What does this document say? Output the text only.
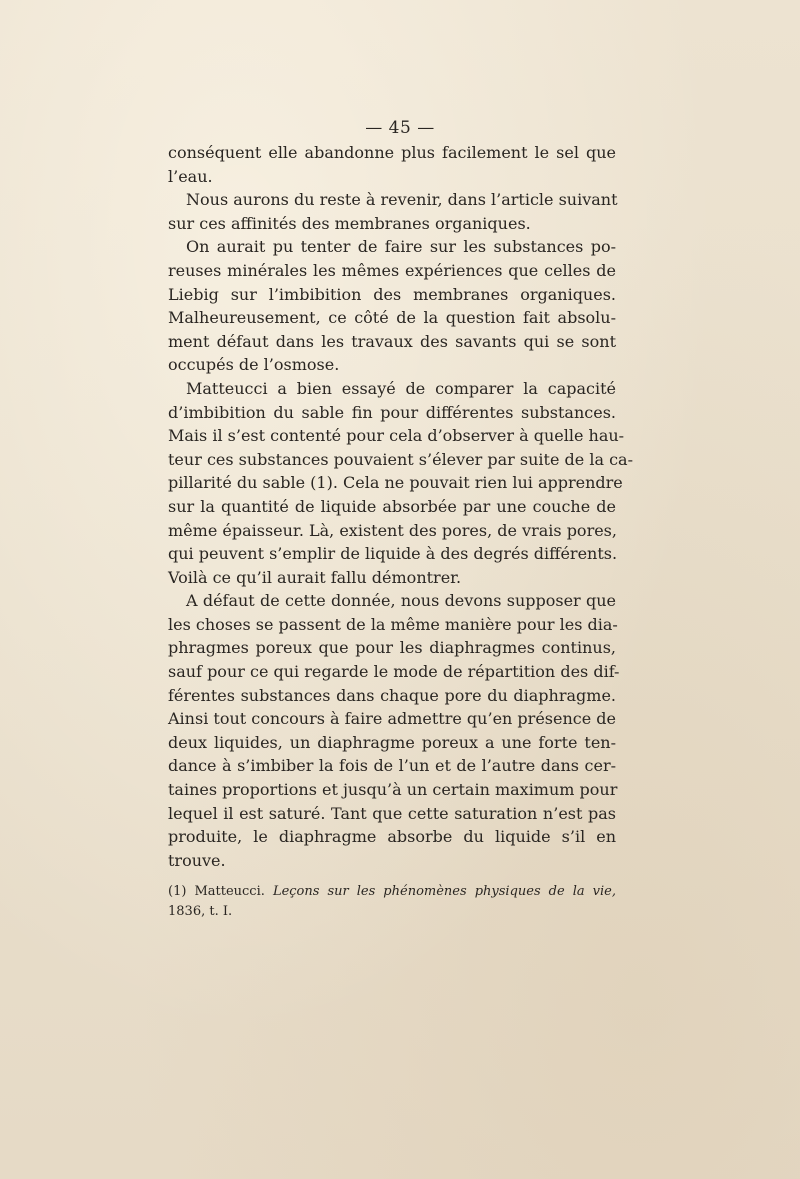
— 45 —
conséquent elle abandonne plus facilement le sel que
l’eau.
Nous aurons du reste à revenir, dans l’article suivant
sur ces affinités des membranes organiques.
On aurait pu tenter de faire sur les substances po-
reuses minérales les mêmes expériences que celles de
Liebig sur l’imbibition des membranes organiques.
Malheureusement, ce côté de la question fait absolu-
ment défaut dans les travaux des savants qui se sont
occupés de l’osmose.
Matteucci a bien essayé de comparer la capacité
d’imbibition du sable fin pour différentes substances.
Mais il s’est contenté pour cela d’observer à quelle hau-
teur ces substances pouvaient s’élever par suite de la ca-
pillarité du sable (1). Cela ne pouvait rien lui apprendre
sur la quantité de liquide absorbée par une couche de
même épaisseur. Là, existent des pores, de vrais pores,
qui peuvent s’emplir de liquide à des degrés différents.
Voilà ce qu’il aurait fallu démontrer.
A défaut de cette donnée, nous devons supposer que
les choses se passent de la même manière pour les dia-
phragmes poreux que pour les diaphragmes continus,
sauf pour ce qui regarde le mode de répartition des dif-
férentes substances dans chaque pore du diaphragme.
Ainsi tout concours à faire admettre qu’en présence de
deux liquides, un diaphragme poreux a une forte ten-
dance à s’imbiber la fois de l’un et de l’autre dans cer-
taines proportions et jusqu’à un certain maximum pour
lequel il est saturé. Tant que cette saturation n’est pas
produite, le diaphragme absorbe du liquide s’il en
trouve.
(1) Matteucci. Leçons sur les phénomènes physiques de la vie,
1836, t. I.
